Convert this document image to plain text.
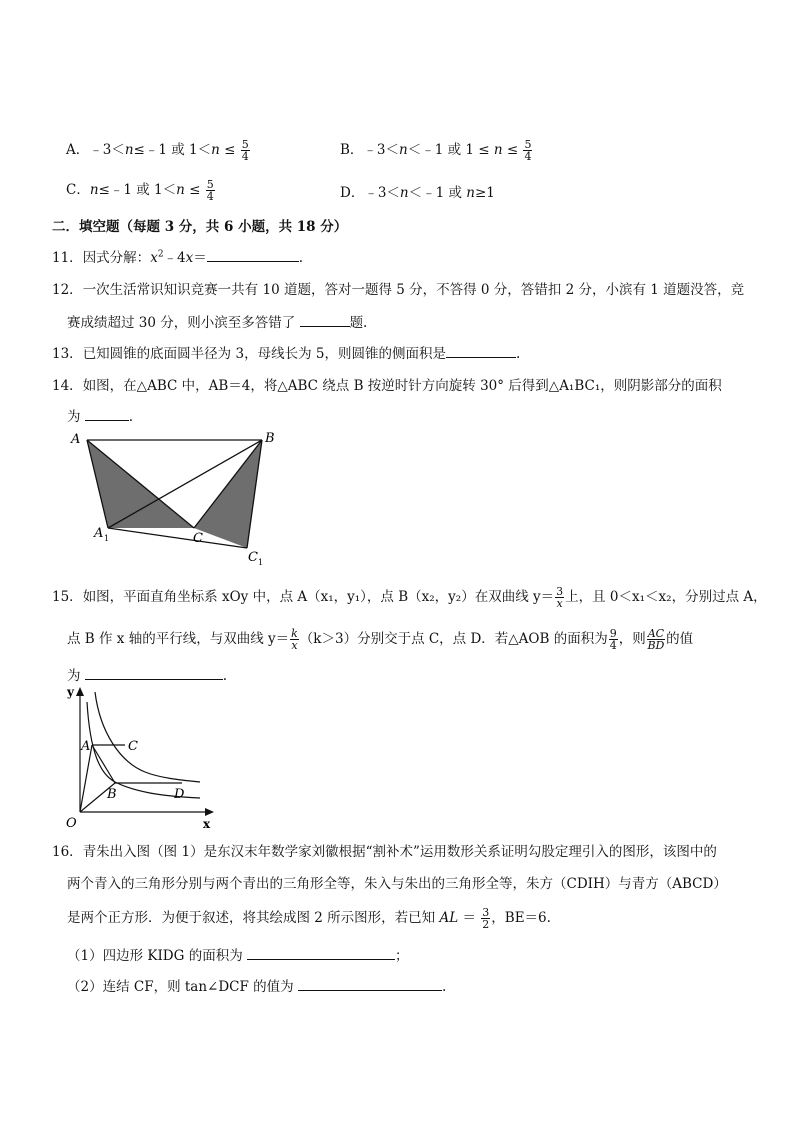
A．﹣3＜n≤﹣1 或 $1<n \le \frac{5}{4}$	B．﹣3＜n＜﹣1 或 $1 \le n \le \frac{5}{4}$
C．n≤﹣1 或 $1<n \le \frac{5}{4}$	D．﹣3＜n＜﹣1 或 n≥1
二．填空题（每题 3 分，共 6 小题，共 18 分）
11．因式分解：$x^2﹣4x=$	.
12．一次生活常识知识竞赛一共有 10 道题，答对一题得 5 分，不答得 0 分，答错扣 2 分，小滨有 1 道题没答，竞
赛成绩超过 30 分，则小滨至多答错了	题.
13．已知圆锥的底面圆半径为 3，母线长为 5，则圆锥的侧面积是	.
14．如图，在△ABC 中，AB＝4，将△ABC 绕点 B 按逆时针方向旋转 30° 后得到△A₁BC₁，则阴影部分的面积
为	.
A	B
A 1	C
C 1
15．如图，平面直角坐标系 xOy 中，点 A（x₁，y₁），点 B（x₂，y₂）在双曲线 $y= \frac{3}{x}$ 上，且 0＜x₁＜x₂，分别过点 A，
点 B 作 x 轴的平行线，与双曲线 $y= \frac{k}{x} (k>3)$分别交于点 C，点 D．若△AOB 的面积为 $\frac{9}{4}$ ，则 $\frac{AC}{BD}$ 的值
为	.
y
x
O
A	C
B	D
16．青朱出入图（图 1）是东汉末年数学家刘徽根据“割补术”运用数形关系证明勾股定理引入的图形，该图中的
两个青入的三角形分别与两个青出的三角形全等，朱入与朱出的三角形全等，朱方（CDIH）与青方（ABCD）
是两个正方形．为便于叙述，将其绘成图 2 所示图形，若已知 AL ＝ $\frac{3}{2}$ ，BE＝6.
（1）四边形 KIDG 的面积为	；
（2）连结 CF，则 tan∠DCF 的值为	.
